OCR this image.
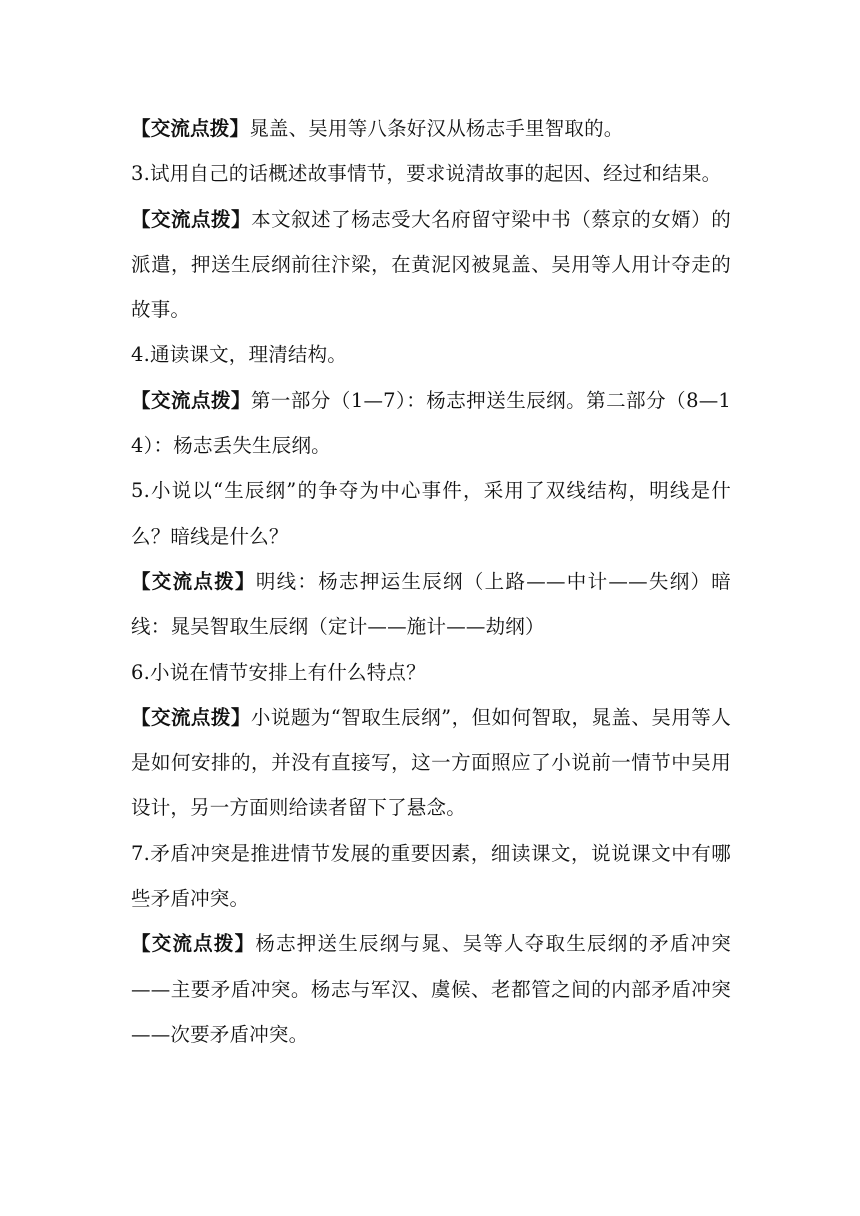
【交流点拨】晁盖、吴用等八条好汉从杨志手里智取的。

3.试用自己的话概述故事情节，要求说清故事的起因、经过和结果。

【交流点拨】本文叙述了杨志受大名府留守梁中书（蔡京的女婿）的派遣，押送生辰纲前往汴梁，在黄泥冈被晁盖、吴用等人用计夺走的故事。

4.通读课文，理清结构。

【交流点拨】第一部分（1—7）：杨志押送生辰纲。第二部分（8—14）：杨志丢失生辰纲。

5.小说以“生辰纲”的争夺为中心事件，采用了双线结构，明线是什么？暗线是什么？

【交流点拨】明线：杨志押运生辰纲（上路——中计——失纲）暗线：晁吴智取生辰纲（定计——施计——劫纲）

6.小说在情节安排上有什么特点？

【交流点拨】小说题为“智取生辰纲”，但如何智取，晁盖、吴用等人是如何安排的，并没有直接写，这一方面照应了小说前一情节中吴用设计，另一方面则给读者留下了悬念。

7.矛盾冲突是推进情节发展的重要因素，细读课文，说说课文中有哪些矛盾冲突。

【交流点拨】杨志押送生辰纲与晁、吴等人夺取生辰纲的矛盾冲突——主要矛盾冲突。杨志与军汉、虞候、老都管之间的内部矛盾冲突——次要矛盾冲突。
